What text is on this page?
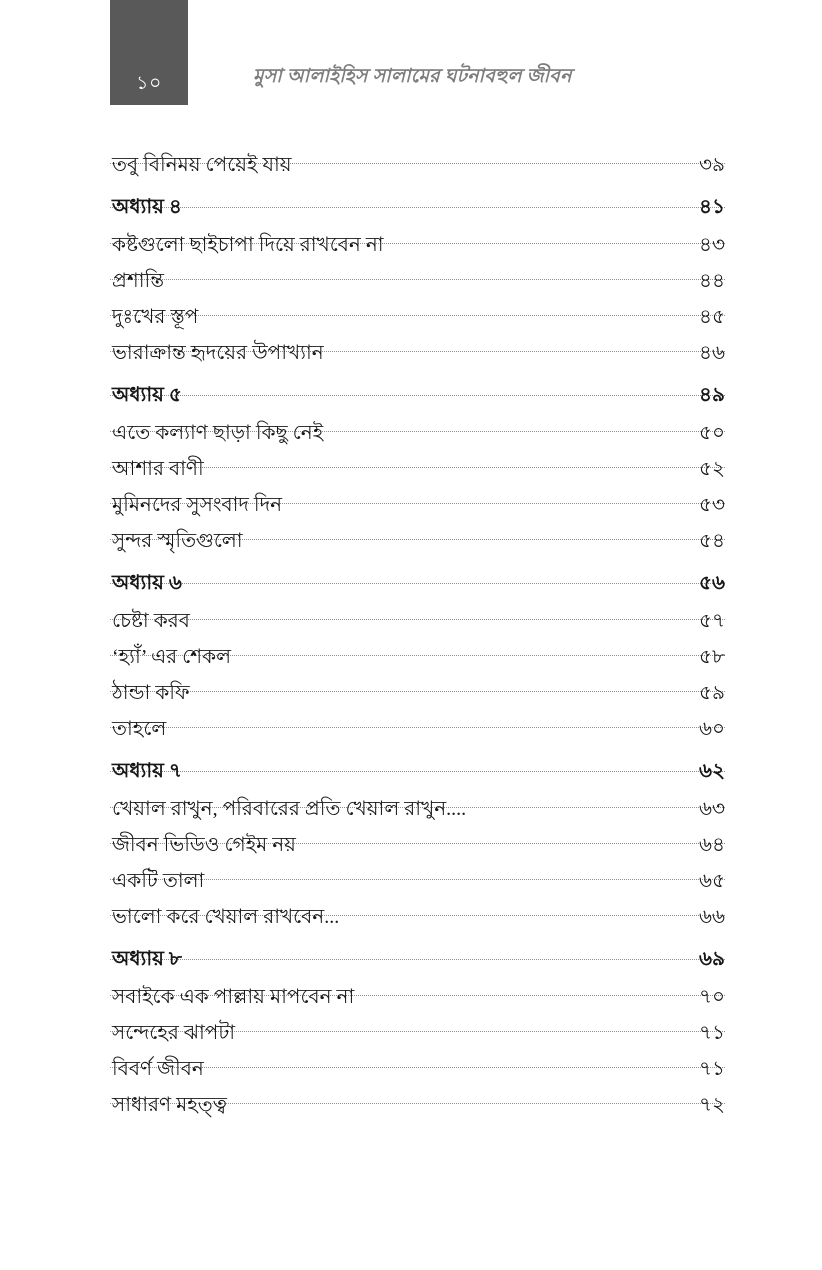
১০	মুসা আলাইহিস সালামের ঘটনাবহুল জীবন
তবু বিনিময় পেয়েই যায়	৩৯
অধ্যায় ৪	৪১
কষ্টগুলো ছাইচাপা দিয়ে রাখবেন না	৪৩
প্রশান্তি	৪৪
দুঃখের স্তূপ	৪৫
ভারাক্রান্ত হৃদয়ের উপাখ্যান	৪৬
অধ্যায় ৫	৪৯
এতে কল্যাণ ছাড়া কিছু নেই	৫০
আশার বাণী	৫২
মুমিনদের সুসংবাদ দিন	৫৩
সুন্দর স্মৃতিগুলো	৫৪
অধ্যায় ৬	৫৬
চেষ্টা করব	৫৭
‘হ্যাঁ’ এর শেকল	৫৮
ঠান্ডা কফি	৫৯
তাহলে	৬০
অধ্যায় ৭	৬২
খেয়াল রাখুন, পরিবারের প্রতি খেয়াল রাখুন....	৬৩
জীবন ভিডিও গেইম নয়	৬৪
একটি তালা	৬৫
ভালো করে খেয়াল রাখবেন...	৬৬
অধ্যায় ৮	৬৯
সবাইকে এক পাল্লায় মাপবেন না	৭০
সন্দেহের ঝাপটা	৭১
বিবর্ণ জীবন	৭১
সাধারণ মহত্ত্ব	৭২
